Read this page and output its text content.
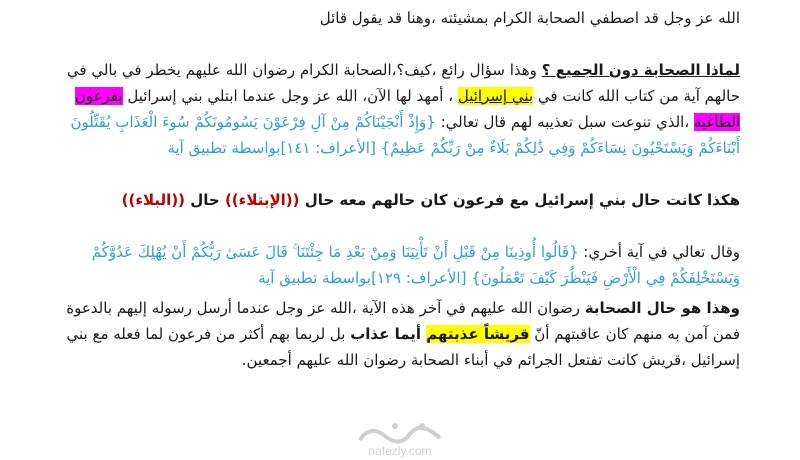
الله عز وجل قد اصطفي الصحابة الكرام بمشيئته ،وهنا قد يقول قائل

لماذا الصحابة دون الجميع ؟ وهذا سؤال رائع ،كيف؟،الصحابة الكرام رضوان الله عليهم يخطر في بالي في حالهم آية من كتاب الله كانت في بني إسرائيل ، أمهد لها الآن، الله عز وجل عندما ابتلي بني إسرائيل بفرعون الطاغية ،الذي تنوعت سبل تعذيبه لهم قال تعالي: {وَإِذْ أَنْجَيْنَاكُمْ مِنْ آلِ فِرْعَوْنَ يَسُومُونَكُمْ سُوءَ الْعَذَابِ يُقَتِّلُونَ أَبْنَاءَكُمْ وَيَسْتَحْيُونَ نِسَاءَكُمْ وَفِي ذَٰلِكُمْ بَلَاءٌ مِنْ رَبِّكُمْ عَظِيمٌ} [الأعراف: ١٤١]بواسطة تطبيق آية

هكذا كانت حال بني إسرائيل مع فرعون كان حالهم معه حال ((الإبتلاء)) حال ((البلاء))

وقال تعالي في آية أخري: {قَالُوا أُوذِينَا مِنْ قَبْلِ أَنْ تَأْتِيَنَا وَمِنْ بَعْدِ مَا جِئْتَنَا ۚ قَالَ عَسَىٰ رَبُّكُمْ أَنْ يُهْلِكَ عَدُوَّكُمْ وَيَسْتَخْلِفَكُمْ فِي الْأَرْضِ فَيَنْظُرَ كَيْفَ تَعْمَلُونَ} [الأعراف: ١٢٩]بواسطة تطبيق آية

وهذا هو حال الصحابة رضوان الله عليهم في آخر هذه الآية ،الله عز وجل عندما أرسل رسوله إليهم بالدعوة فمن آمن به منهم كان عاقبتهم أنّ قريشاً عذبتهم أيما عذاب بل لربما بهم أكثر من فرعون لما فعله مع بني إسرائيل ،قريش كانت تفتعل الجرائم في أبناء الصحابة رضوان الله عليهم أجمعين.

nafezly.com
